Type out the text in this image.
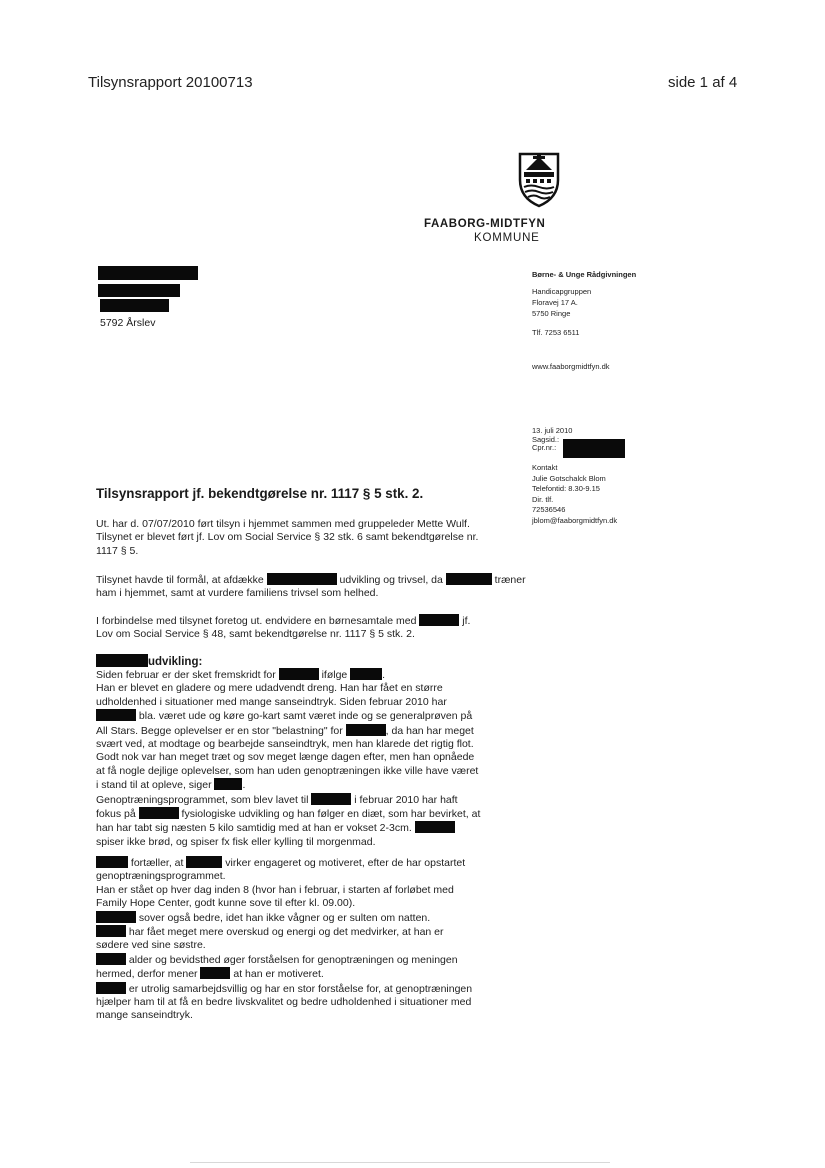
Tilsynsrapport 20100713	side 1 af 4
FAABORG-MIDTFYN
KOMMUNE
5792 Årslev
Børne- & Unge Rådgivningen
Handicapgruppen
Floravej 17 A.
5750 Ringe
Tlf. 7253 6511
www.faaborgmidtfyn.dk
13. juli 2010
Sagsid.:
Cpr.nr.:
Kontakt
Julie Gotschalck Blom
Telefontid: 8.30-9.15
Dir. tlf.
72536546
jblom@faaborgmidtfyn.dk
Tilsynsrapport jf. bekendtgørelse nr. 1117 § 5 stk. 2.

Ut. har d. 07/07/2010 ført tilsyn i hjemmet sammen med gruppeleder Mette Wulf.

Tilsynet er blevet ført jf. Lov om Social Service § 32 stk. 6 samt bekendtgørelse nr.

1117 § 5.

Tilsynet havde til formål, at afdække	udvikling og trivsel, da	træner

ham i hjemmet, samt at vurdere familiens trivsel som helhed.

I forbindelse med tilsynet foretog ut. endvidere en børnesamtale med	jf.

Lov om Social Service § 48, samt bekendtgørelse nr. 1117 § 5 stk. 2.

udvikling:

Siden februar er der sket fremskridt for	ifølge	.

Han er blevet en gladere og mere udadvendt dreng. Han har fået en større

udholdenhed i situationer med mange sanseindtryk. Siden februar 2010 har

bla. været ude og køre go-kart samt været inde og se generalprøven på

All Stars. Begge oplevelser er en stor "belastning" for	, da han har meget

svært ved, at modtage og bearbejde sanseindtryk, men han klarede det rigtig flot.

Godt nok var han meget træt og sov meget længe dagen efter, men han opnåede

at få nogle dejlige oplevelser, som han uden genoptræningen ikke ville have været

i stand til at opleve, siger	.

Genoptræningsprogrammet, som blev lavet til	i februar 2010 har haft

fokus på	fysiologiske udvikling og han følger en diæt, som har bevirket, at

han har tabt sig næsten 5 kilo samtidig med at han er vokset 2-3cm.

spiser ikke brød, og spiser fx fisk eller kylling til morgenmad.

fortæller, at	virker engageret og motiveret, efter de har opstartet

genoptræningsprogrammet.

Han er stået op hver dag inden 8 (hvor han i februar, i starten af forløbet med

Family Hope Center, godt kunne sove til efter kl. 09.00).

sover også bedre, idet han ikke vågner og er sulten om natten.

har fået meget mere overskud og energi og det medvirker, at han er

sødere ved sine søstre.

alder og bevidsthed øger forståelsen for genoptræningen og meningen

hermed, derfor mener	at han er motiveret.

er utrolig samarbejdsvillig og har en stor forståelse for, at genoptræningen

hjælper ham til at få en bedre livskvalitet og bedre udholdenhed i situationer med

mange sanseindtryk.
